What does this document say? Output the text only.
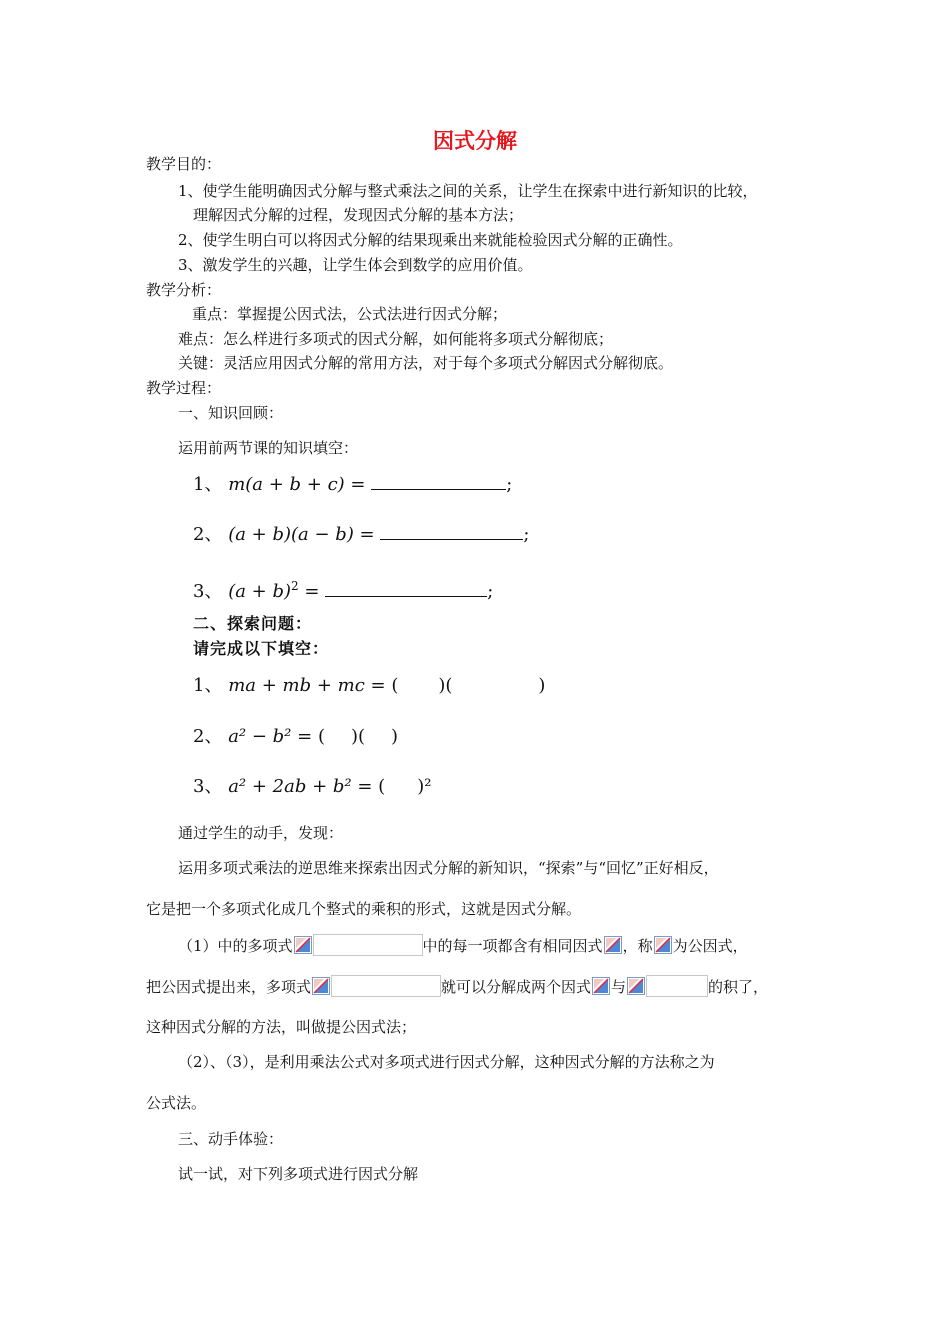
因式分解
教学目的：
1、使学生能明确因式分解与整式乘法之间的关系，让学生在探索中进行新知识的比较，
理解因式分解的过程，发现因式分解的基本方法；
2、使学生明白可以将因式分解的结果现乘出来就能检验因式分解的正确性。
3、激发学生的兴趣，让学生体会到数学的应用价值。
教学分析：
重点：掌握提公因式法，公式法进行因式分解；
难点：怎么样进行多项式的因式分解，如何能将多项式分解彻底；
关键：灵活应用因式分解的常用方法，对于每个多项式分解因式分解彻底。
教学过程：
一、知识回顾：
运用前两节课的知识填空：
1、 m(a + b + c) =	;
2、 (a + b)(a − b) =	;
3、 $(a + b)^2$ =	;
二、探索问题：
请完成以下填空：
1、 ma + mb + mc = ( )(	)
2、 a² − b² = ( )( )
3、 a² + 2ab + b² = ( )²
通过学生的动手，发现：
运用多项式乘法的逆思维来探索出因式分解的新知识，“探索”与“回忆”正好相反，
它是把一个多项式化成几个整式的乘积的形式，这就是因式分解。
（1）中的多项式	中的每一项都含有相同因式 ，称 为公因式，
把公因式提出来，多项式	就可以分解成两个因式 与	的积了，
这种因式分解的方法，叫做提公因式法；
（2）、（3），是利用乘法公式对多项式进行因式分解，这种因式分解的方法称之为
公式法。
三、动手体验：
试一试，对下列多项式进行因式分解
